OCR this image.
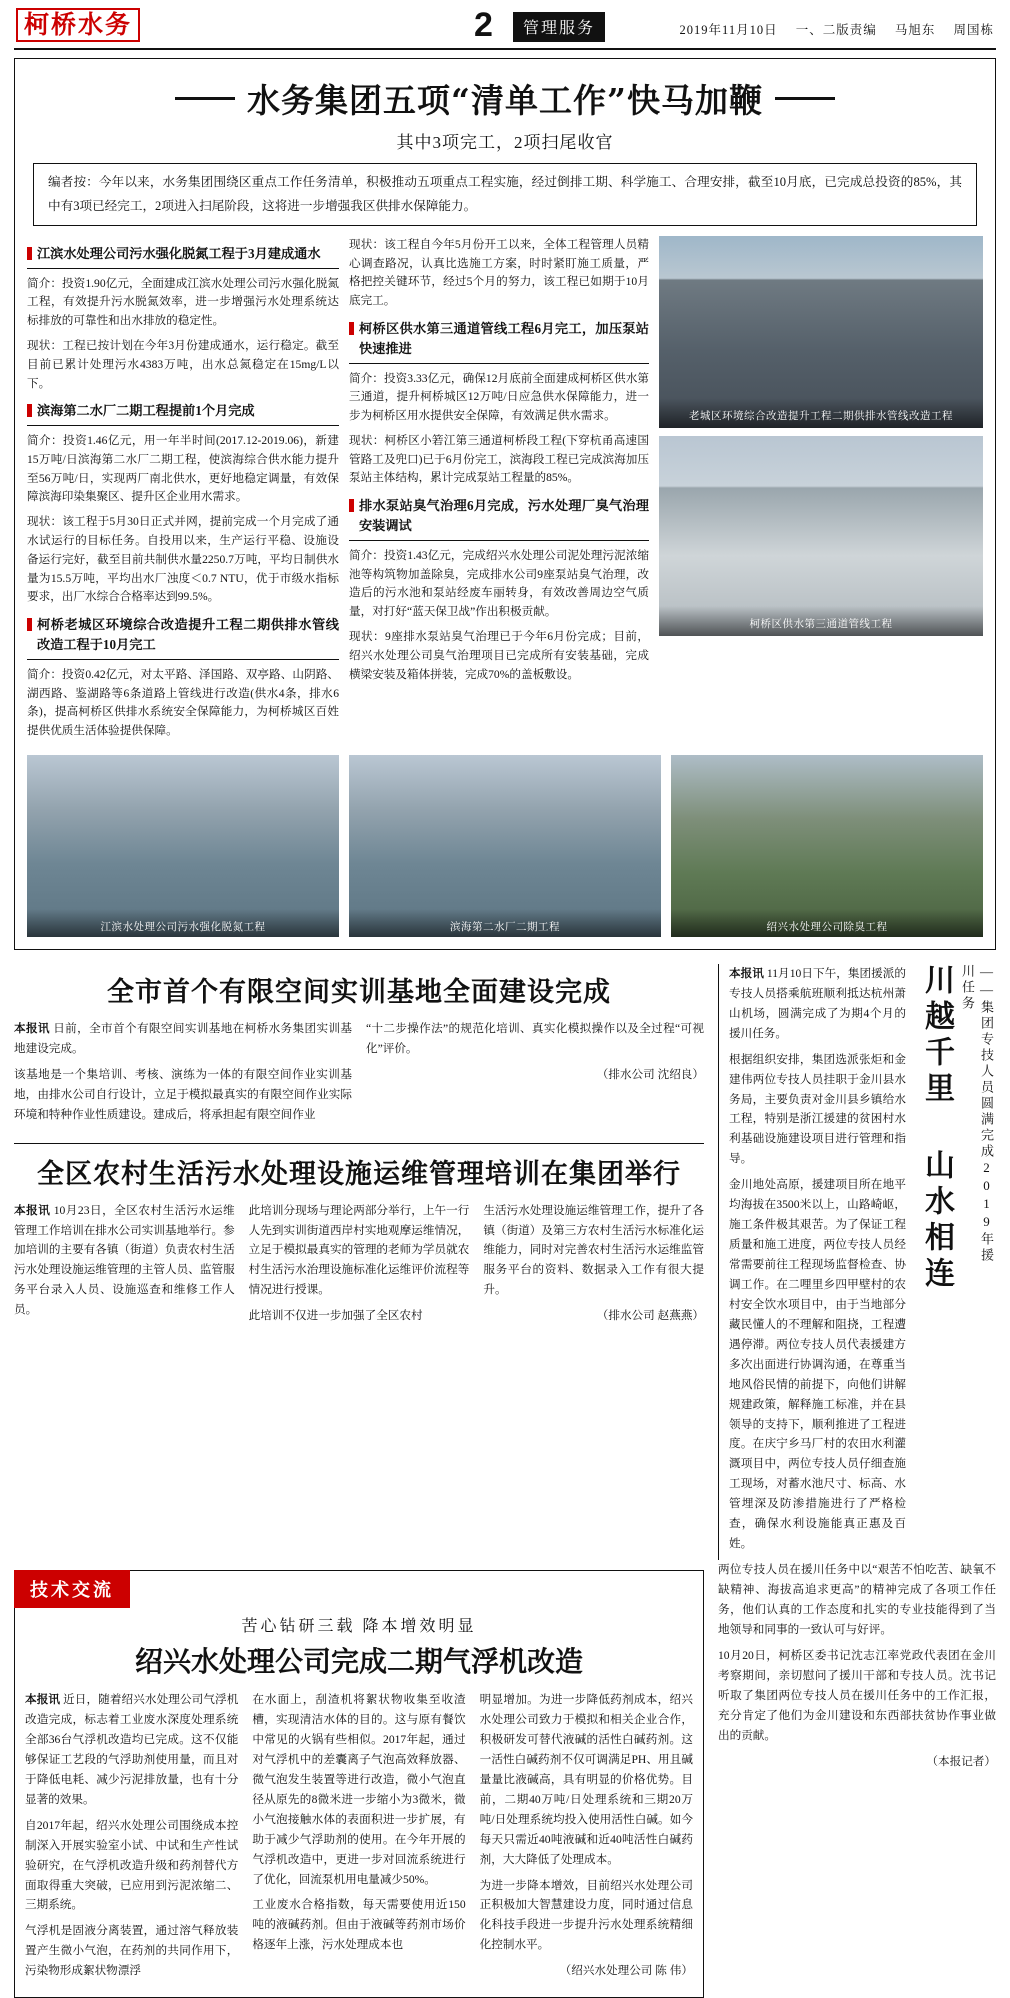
柯桥水务	2	管理服务	2019年11月10日 一、二版责编 马旭东 周国栋
水务集团五项“清单工作”快马加鞭
其中3项完工，2项扫尾收官
编者按：今年以来，水务集团围绕区重点工作任务清单，积极推动五项重点工程实施，经过倒排工期、科学施工、合理安排，截至10月底，已完成总投资的85%，其中有3项已经完工，2项进入扫尾阶段，这将进一步增强我区供排水保障能力。
江滨水处理公司污水强化脱氮工程于3月建成通水

简介：投资1.90亿元，全面建成江滨水处理公司污水强化脱氮工程，有效提升污水脱氮效率，进一步增强污水处理系统达标排放的可靠性和出水排放的稳定性。

现状：工程已按计划在今年3月份建成通水，运行稳定。截至目前已累计处理污水4383万吨，出水总氮稳定在15mg/L以下。

滨海第二水厂二期工程提前1个月完成

简介：投资1.46亿元，用一年半时间(2017.12-2019.06)，新建15万吨/日滨海第二水厂二期工程，使滨海综合供水能力提升至56万吨/日，实现两厂南北供水，更好地稳定调量，有效保障滨海印染集聚区、提升区企业用水需求。

现状：该工程于5月30日正式并网，提前完成一个月完成了通水试运行的目标任务。自投用以来，生产运行平稳、设施设备运行完好，截至目前共制供水量2250.7万吨，平均日制供水量为15.5万吨，平均出水厂浊度＜0.7 NTU，优于市级水指标要求，出厂水综合合格率达到99.5%。

柯桥老城区环境综合改造提升工程二期供排水管线改造工程于10月完工

简介：投资0.42亿元，对太平路、泽国路、双亭路、山阴路、湖西路、鉴湖路等6条道路上管线进行改造(供水4条，排水6条)，提高柯桥区供排水系统安全保障能力，为柯桥城区百姓提供优质生活体验提供保障。

现状：该工程自今年5月份开工以来，全体工程管理人员精心调查路况，认真比选施工方案，时时紧盯施工质量，严格把控关键环节，经过5个月的努力，该工程已如期于10月底完工。

柯桥区供水第三通道管线工程6月完工，加压泵站快速推进

简介：投资3.33亿元，确保12月底前全面建成柯桥区供水第三通道，提升柯桥城区12万吨/日应急供水保障能力，进一步为柯桥区用水提供安全保障，有效满足供水需求。

现状：柯桥区小箬江第三通道柯桥段工程(下穿杭甬高速国管路工及兜口)已于6月份完工，滨海段工程已完成滨海加压泵站主体结构，累计完成泵站工程量的85%。

排水泵站臭气治理6月完成，污水处理厂臭气治理安装调试

简介：投资1.43亿元，完成绍兴水处理公司泥处理污泥浓缩池等构筑物加盖除臭，完成排水公司9座泵站臭气治理，改造后的污水池和泵站经废车丽转身，有效改善周边空气质量，对打好“蓝天保卫战”作出积极贡献。

现状：9座排水泵站臭气治理已于今年6月份完成；目前，绍兴水处理公司臭气治理项目已完成所有安装基础，完成横梁安装及箱体拼装，完成70%的盖板敷设。

老城区环境综合改造提升工程二期供排水管线改造工程
柯桥区供水第三通道管线工程
江滨水处理公司污水强化脱氮工程	滨海第二水厂二期工程	绍兴水处理公司除臭工程
全市首个有限空间实训基地全面建设完成

本报讯 日前，全市首个有限空间实训基地在柯桥水务集团实训基地建设完成。

该基地是一个集培训、考核、演练为一体的有限空间作业实训基地，由排水公司自行设计，立足于模拟最真实的有限空间作业实际环境和特种作业性质建设。建成后，将承担起有限空间作业

“十二步操作法”的规范化培训、真实化模拟操作以及全过程“可视化”评价。

（排水公司 沈绍良）

全区农村生活污水处理设施运维管理培训在集团举行

本报讯 10月23日，全区农村生活污水运维管理工作培训在排水公司实训基地举行。参加培训的主要有各镇（街道）负责农村生活污水处理设施运维管理的主管人员、监管服务平台录入人员、设施巡查和维修工作人员。

此培训分现场与理论两部分举行，上午一行人先到实训街道西岸村实地观摩运维情况，立足于模拟最真实的管理的老师为学员就农村生活污水治理设施标准化运维评价流程等情况进行授课。

此培训不仅进一步加强了全区农村

生活污水处理设施运维管理工作，提升了各镇（街道）及第三方农村生活污水标准化运维能力，同时对完善农村生活污水运维监管服务平台的资料、数据录入工作有很大提升。

（排水公司 赵燕燕）

本报讯 11月10日下午，集团援派的专技人员搭乘航班顺利抵达杭州萧山机场，圆满完成了为期4个月的援川任务。

根据组织安排，集团选派张炬和金建伟两位专技人员挂职于金川县水务局，主要负责对金川县乡镇给水工程，特别是浙江援建的贫困村水利基础设施建设项目进行管理和指导。

金川地处高原，援建项目所在地平均海拔在3500米以上，山路崎岖，施工条件极其艰苦。为了保证工程质量和施工进度，两位专技人员经常需要前往工程现场监督检查、协调工作。在二哩里乡四甲壁村的农村安全饮水项目中，由于当地部分藏民懂人的不理解和阻挠，工程遭遇停滞。两位专技人员代表援建方多次出面进行协调沟通，在尊重当地风俗民情的前提下，向他们讲解规建政策，解释施工标准，并在县领导的支持下，顺利推进了工程进度。在庆宁乡马厂村的农田水利灌溉项目中，两位专技人员仔细查施工现场，对蓄水池尺寸、标高、水管埋深及防渗措施进行了严格检查，确保水利设施能真正惠及百姓。

川越千里 山水相连	——集团专技人员圆满完成2019年援川任务
技术交流
苦心钻研三载 降本增效明显
绍兴水处理公司完成二期气浮机改造

本报讯 近日，随着绍兴水处理公司气浮机改造完成，标志着工业废水深度处理系统全部36台气浮机改造均已完成。这不仅能够保证工艺段的气浮助剂使用量，而且对于降低电耗、减少污泥排放量，也有十分显著的效果。

自2017年起，绍兴水处理公司围绕成本控制深入开展实验室小试、中试和生产性试验研究，在气浮机改造升级和药剂替代方面取得重大突破，已应用到污泥浓缩二、三期系统。

气浮机是固液分离装置，通过溶气释放装置产生微小气泡，在药剂的共同作用下，污染物形成絮状物漂浮

在水面上，刮渣机将絮状物收集至收渣槽，实现清洁水体的目的。这与原有餐饮中常见的火锅有些相似。2017年起，通过对气浮机中的差囊离子气泡高效释放器、微气泡发生装置等进行改造，微小气泡直径从原先的8微米进一步缩小为3微米，微小气泡接触水体的表面积进一步扩展，有助于减少气浮助剂的使用。在今年开展的气浮机改造中，更进一步对回流系统进行了优化，回流泵机用电量减少50%。

工业废水合格指数，每天需要使用近150吨的液碱药剂。但由于液碱等药剂市场价格逐年上涨，污水处理成本也

明显增加。为进一步降低药剂成本，绍兴水处理公司致力于模拟和相关企业合作，积极研发可替代液碱的活性白碱药剂。这一活性白碱药剂不仅可调满足PH、用且碱量量比液碱高，具有明显的价格优势。目前，二期40万吨/日处理系统和三期20万吨/日处理系统均投入使用活性白碱。如今每天只需近40吨液碱和近40吨活性白碱药剂，大大降低了处理成本。

为进一步降本增效，目前绍兴水处理公司正积极加大智慧建设力度，同时通过信息化科技手段进一步提升污水处理系统精细化控制水平。

（绍兴水处理公司 陈 伟）

两位专技人员在援川任务中以“艰苦不怕吃苦、缺氧不缺精神、海拔高追求更高”的精神完成了各项工作任务，他们认真的工作态度和扎实的专业技能得到了当地领导和同事的一致认可与好评。

10月20日，柯桥区委书记沈志江率党政代表团在金川考察期间，亲切慰问了援川干部和专技人员。沈书记听取了集团两位专技人员在援川任务中的工作汇报，充分肯定了他们为金川建设和东西部扶贫协作事业做出的贡献。

（本报记者）
